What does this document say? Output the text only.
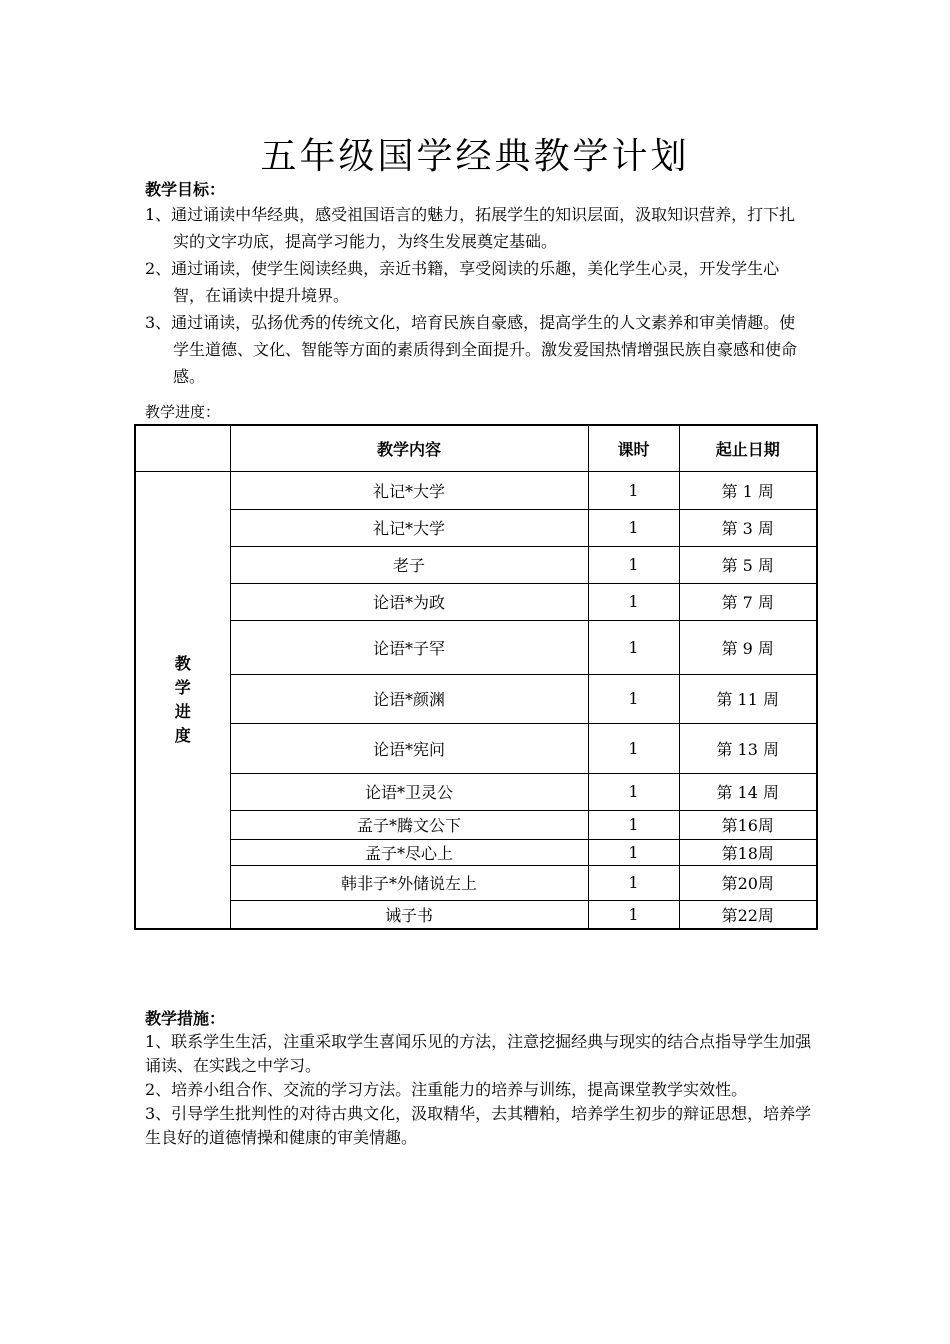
五年级国学经典教学计划
教学目标：
1、通过诵读中华经典，感受祖国语言的魅力，拓展学生的知识层面，汲取知识营养，打下扎实的文字功底，提高学习能力，为终生发展奠定基础。
2、通过诵读，使学生阅读经典，亲近书籍，享受阅读的乐趣，美化学生心灵，开发学生心智，在诵读中提升境界。
3、通过诵读，弘扬优秀的传统文化，培育民族自豪感，提高学生的人文素养和审美情趣。使学生道德、文化、智能等方面的素质得到全面提升。激发爱国热情增强民族自豪感和使命感。
教学进度：
	教学内容	课时	起止日期

教
学
进
度	礼记*大学	1	第 1 周
	礼记*大学	1	第 3 周
	老子	1	第 5 周
	论语*为政	1	第 7 周
	论语*子罕	1	第 9 周
	论语*颜渊	1	第 11 周
	论语*宪问	1	第 13 周
	论语*卫灵公	1	第 14 周
	孟子*腾文公下	1	第16周
	孟子*尽心上	1	第18周
	韩非子*外储说左上	1	第20周
	诫子书	1	第22周
教学措施：
1、联系学生生活，注重采取学生喜闻乐见的方法，注意挖掘经典与现实的结合点指导学生加强诵读、在实践之中学习。
2、培养小组合作、交流的学习方法。注重能力的培养与训练，提高课堂教学实效性。
3、引导学生批判性的对待古典文化，汲取精华，去其糟粕，培养学生初步的辩证思想，培养学生良好的道德情操和健康的审美情趣。
